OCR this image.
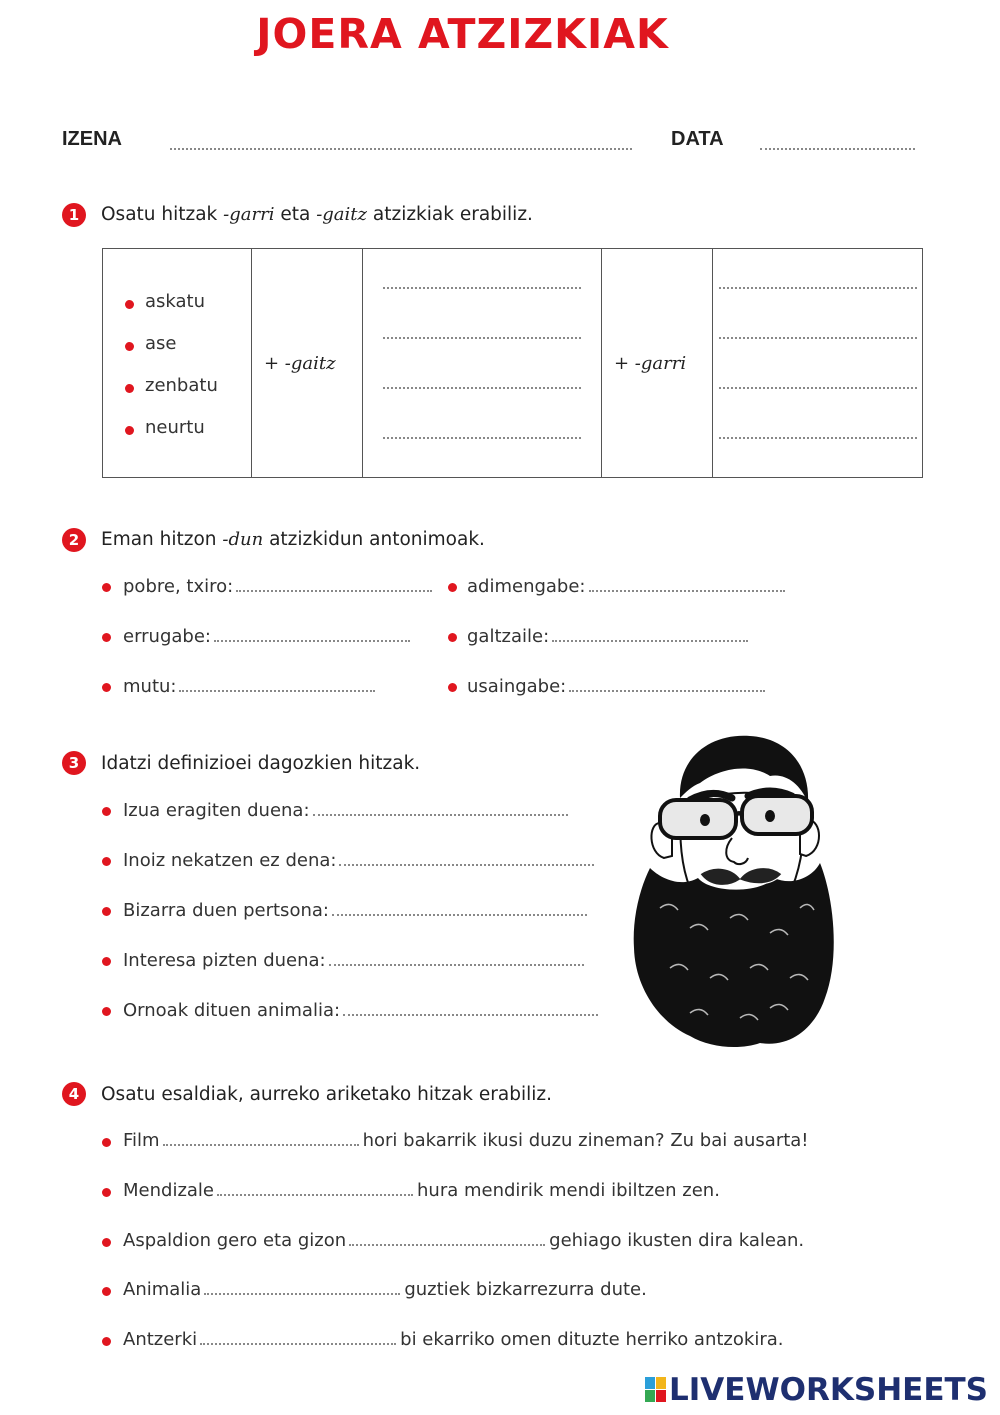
JOERA ATZIZKIAK
IZENA	DATA
1	Osatu hitzak -garri eta -gaitz atzizkiak erabiliz.
askatu
ase
zenbatu
neurtu
	+ -gaitz		+ -garri	
2	Eman hitzon -dun atzizkidun antonimoak.
pobre, txiro:
errugabe:
mutu:
adimengabe:
galtzaile:
usaingabe:
3	Idatzi definizioei dagozkien hitzak.
Izua eragiten duena:
Inoiz nekatzen ez dena:
Bizarra duen pertsona:
Interesa pizten duena:
Ornoak dituen animalia:
4	Osatu esaldiak, aurreko ariketako hitzak erabiliz.
Film	hori bakarrik ikusi duzu zineman? Zu bai ausarta!
Mendizale	hura mendirik mendi ibiltzen zen.
Aspaldion gero eta gizon	gehiago ikusten dira kalean.
Animalia	guztiek bizkarrezurra dute.
Antzerki	bi ekarriko omen dituzte herriko antzokira.
LIVEWORKSHEETS
